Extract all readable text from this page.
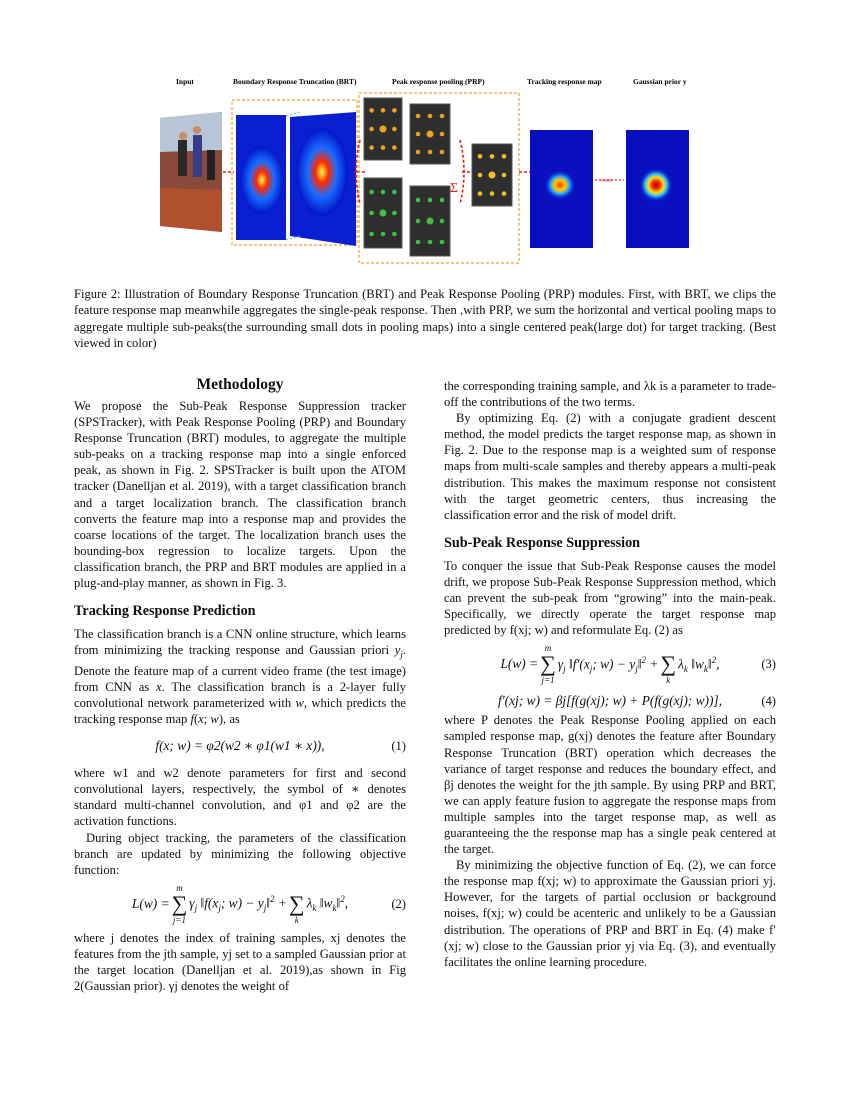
Input	Boundary Response Truncation (BRT)	Peak response pooling (PRP)	Tracking response map	Gaussian prior y
Σ
0.0008
Figure 2: Illustration of Boundary Response Truncation (BRT) and Peak Response Pooling (PRP) modules. First, with BRT, we clips the feature response map meanwhile aggregates the single-peak response. Then ,with PRP, we sum the horizontal and vertical pooling maps to aggregate multiple sub-peaks(the surrounding small dots in pooling maps) into a single centered peak(large dot) for target tracking. (Best viewed in color)
Methodology

We propose the Sub-Peak Response Suppression tracker (SPSTracker), with Peak Response Pooling (PRP) and Boundary Response Truncation (BRT) modules, to aggregate the multiple sub-peaks on a tracking response map into a single enforced peak, as shown in Fig. 2. SPSTracker is built upon the ATOM tracker (Danelljan et al. 2019), with a target classification branch and a target localization branch. The classification branch converts the feature map into a response map and provides the coarse locations of the target. The localization branch uses the bounding-box regression to localize targets. Upon the classification branch, the PRP and BRT modules are applied in a plug-and-play manner, as shown in Fig. 3.

Tracking Response Prediction

The classification branch is a CNN online structure, which learns from minimizing the tracking response and Gaussian priori $y_j$. Denote the feature map of a current video frame (the test image) from CNN as x. The classification branch is a 2-layer fully convolutional network parameterized with w, which predicts the tracking response map f(x; w), as

f(x; w) = φ2(w2 ∗ φ1(w1 ∗ x)),	(1)

where w1 and w2 denote parameters for first and second convolutional layers, respectively, the symbol of ∗ denotes standard multi-channel convolution, and φ1 and φ2 are the activation functions.

During object tracking, the parameters of the classification branch are updated by minimizing the following objective function:

L(w) =
m
∑
j=1
$\gamma_j$ $‖f(x_j$; $w) - y_j‖^2$ +
∑
k
$\lambda_k$ $‖w_k‖^2$,	(2)

where j denotes the index of training samples, xj denotes the features from the jth sample, yj set to a sampled Gaussian prior at the target location (Danelljan et al. 2019),as shown in Fig 2(Gaussian prior). γj denotes the weight of

the corresponding training sample, and λk is a parameter to trade-off the contributions of the two terms.

By optimizing Eq. (2) with a conjugate gradient descent method, the model predicts the target response map, as shown in Fig. 2. Due to the response map is a weighted sum of response maps from multi-scale samples and thereby appears a multi-peak distribution. This makes the maximum response not consistent with the target geometric centers, thus increasing the classification error and the risk of model drift.

Sub-Peak Response Suppression

To conquer the issue that Sub-Peak Response causes the model drift, we propose Sub-Peak Response Suppression method, which can prevent the sub-peak from “growing” into the main-peak. Specifically, we directly operate the target response map predicted by f(xj; w) and reformulate Eq. (2) as

L(w) =
m
∑
j=1
$\gamma_j$ $‖f'(x_j$; $w) - y_j‖^2$ +
∑
k
$\lambda_k$ $‖w_k‖^2$,	(3)
f′(xj; w) = βj[f(g(xj); w) + P(f(g(xj); w))],	(4)

where P denotes the Peak Response Pooling applied on each sampled response map, g(xj) denotes the feature after Boundary Response Truncation (BRT) operation which decreases the variance of target response and reduces the boundary effect, and βj denotes the weight for the jth sample. By using PRP and BRT, we can apply feature fusion to aggregate the response maps from multiple samples into the target response map, as well as guaranteeing the the response map has a single peak centered at the target.

By minimizing the objective function of Eq. (2), we can force the response map f(xj; w) to approximate the Gaussian priori yj. However, for the targets of partial occlusion or background noises, f(xj; w) could be acenteric and unlikely to be a Gaussian distribution. The operations of PRP and BRT in Eq. (4) make f′(xj; w) close to the Gaussian prior yj via Eq. (3), and eventually facilitates the online learning procedure.
